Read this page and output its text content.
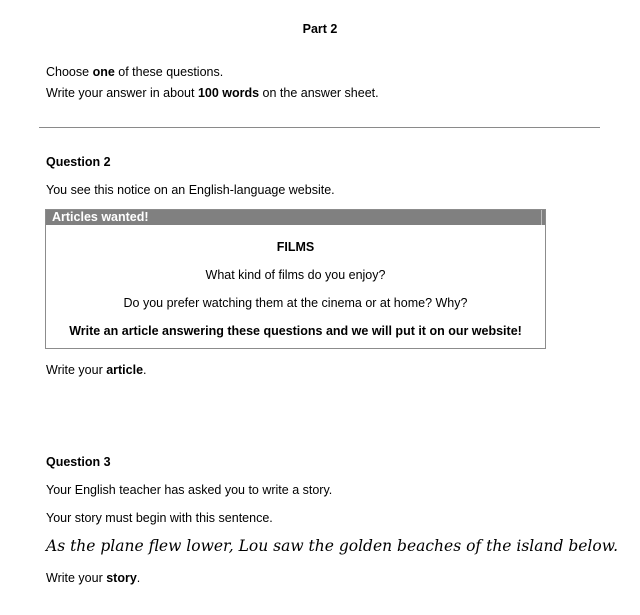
Part 2
Choose one of these questions.
Write your answer in about 100 words on the answer sheet.
Question 2
You see this notice on an English-language website.
Articles wanted!
FILMS
What kind of films do you enjoy?
Do you prefer watching them at the cinema or at home? Why?
Write an article answering these questions and we will put it on our website!
Write your article.
Question 3
Your English teacher has asked you to write a story.
Your story must begin with this sentence.
As the plane flew lower, Lou saw the golden beaches of the island below.
Write your story.
